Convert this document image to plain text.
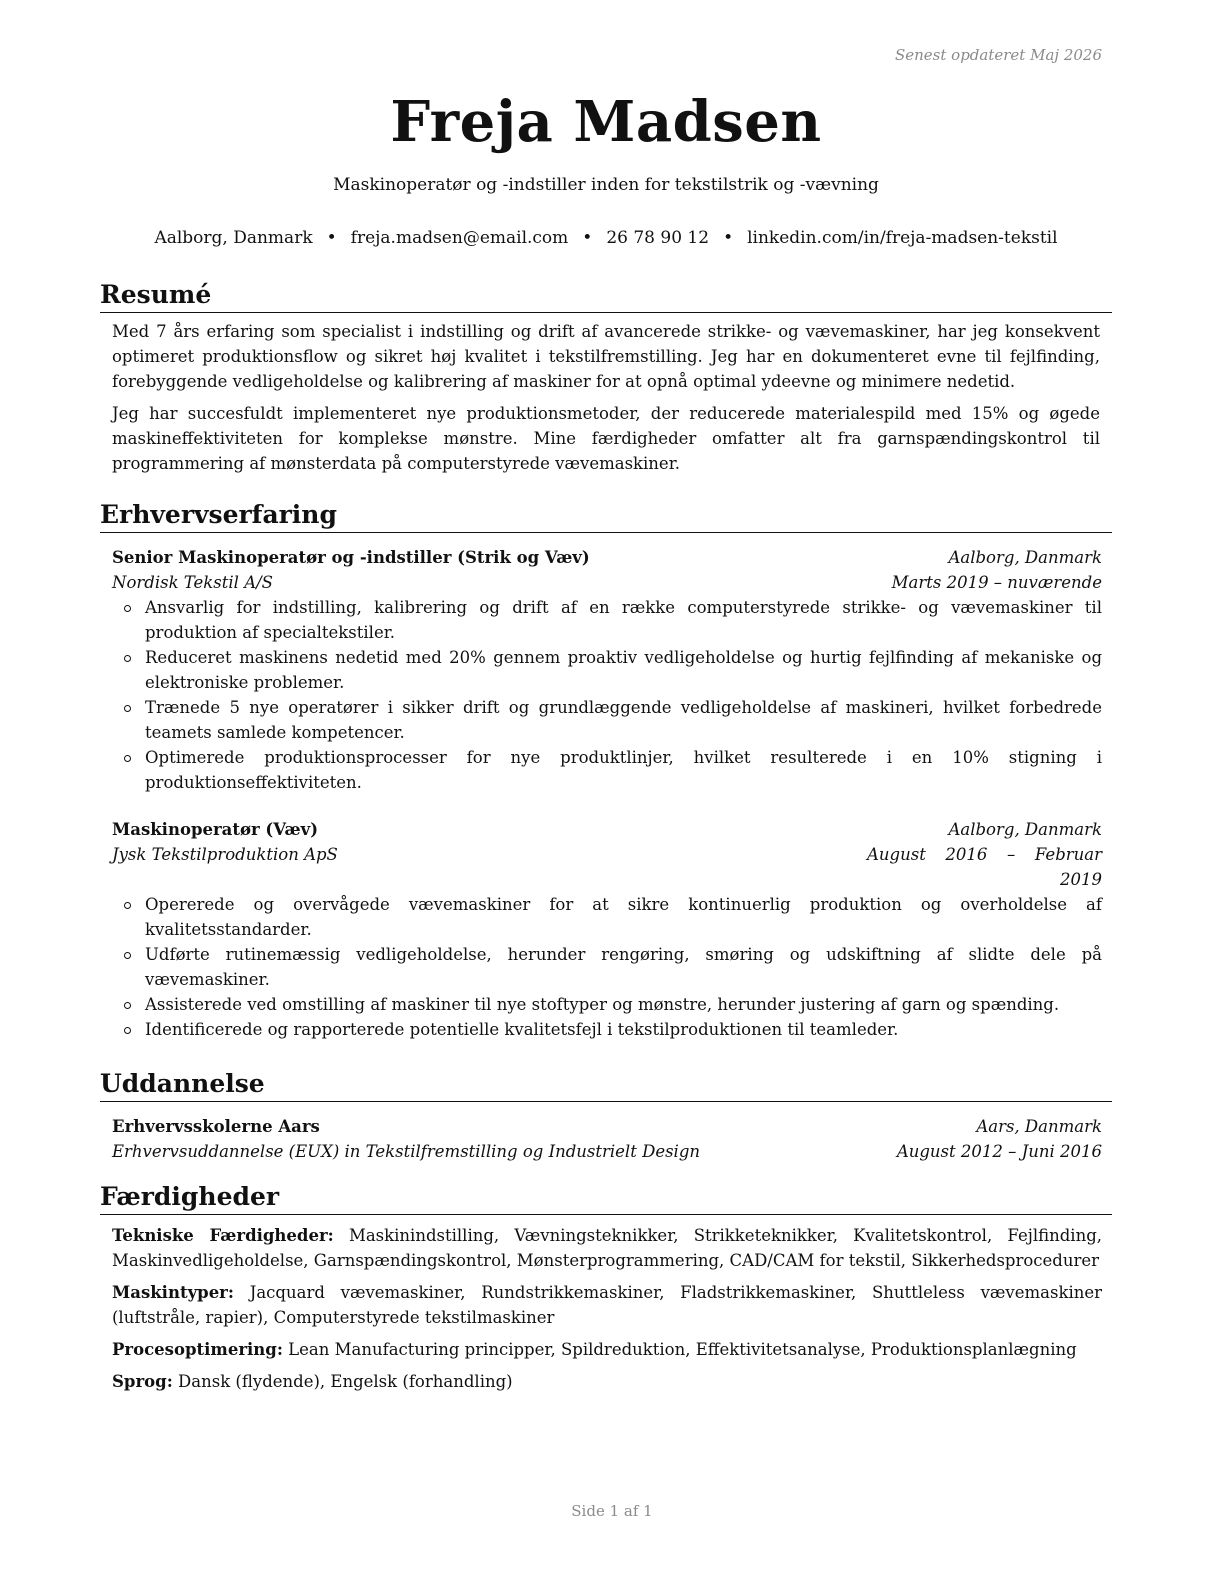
Senest opdateret Maj 2026
Freja Madsen
Maskinoperatør og -indstiller inden for tekstilstrik og -vævning
Aalborg, Danmark • freja.madsen@email.com • 26 78 90 12 • linkedin.com/in/freja-madsen-tekstil
Resumé

Med 7 års erfaring som specialist i indstilling og drift af avancerede strikke- og vævemaskiner, har jeg konsekvent optimeret produktionsflow og sikret høj kvalitet i tekstilfremstilling. Jeg har en dokumenteret evne til fejlfinding, forebyggende vedligeholdelse og kalibrering af maskiner for at opnå optimal ydeevne og minimere nedetid.

Jeg har succesfuldt implementeret nye produktionsmetoder, der reducerede materialespild med 15% og øgede maskineffektiviteten for komplekse mønstre. Mine færdigheder omfatter alt fra garnspændingskontrol til programmering af mønsterdata på computerstyrede vævemaskiner.

Erhvervserfaring
Senior Maskinoperatør og -indstiller (Strik og Væv)	Aalborg, Danmark
Nordisk Tekstil A/S	Marts 2019 – nuværende
Ansvarlig for indstilling, kalibrering og drift af en række computerstyrede strikke- og vævemaskiner til produktion af specialtekstiler.
Reduceret maskinens nedetid med 20% gennem proaktiv vedligeholdelse og hurtig fejlfinding af mekaniske og elektroniske problemer.
Trænede 5 nye operatører i sikker drift og grundlæggende vedligeholdelse af maskineri, hvilket forbedrede teamets samlede kompetencer.
Optimerede produktionsprocesser for nye produktlinjer, hvilket resulterede i en 10% stigning i produktionseffektiviteten.
Maskinoperatør (Væv)	Aalborg, Danmark
Jysk Tekstilproduktion ApS	August 2016 – Februar 2019
Opererede og overvågede vævemaskiner for at sikre kontinuerlig produktion og overholdelse af kvalitetsstandarder.
Udførte rutinemæssig vedligeholdelse, herunder rengøring, smøring og udskiftning af slidte dele på vævemaskiner.
Assisterede ved omstilling af maskiner til nye stoftyper og mønstre, herunder justering af garn og spænding.
Identificerede og rapporterede potentielle kvalitetsfejl i tekstilproduktionen til teamleder.
Uddannelse
Erhvervsskolerne Aars	Aars, Danmark
Erhvervsuddannelse (EUX) in Tekstilfremstilling og Industrielt Design	August 2012 – Juni 2016
Færdigheder

Tekniske Færdigheder: Maskinindstilling, Vævningsteknikker, Strikketeknikker, Kvalitetskontrol, Fejlfinding, Maskinvedligeholdelse, Garnspændingskontrol, Mønsterprogrammering, CAD/CAM for tekstil, Sikkerhedsprocedurer

Maskintyper: Jacquard vævemaskiner, Rundstrikkemaskiner, Fladstrikkemaskiner, Shuttleless vævemaskiner (luftstråle, rapier), Computerstyrede tekstilmaskiner

Procesoptimering: Lean Manufacturing principper, Spildreduktion, Effektivitetsanalyse, Produktionsplanlægning

Sprog: Dansk (flydende), Engelsk (forhandling)

Side 1 af 1
